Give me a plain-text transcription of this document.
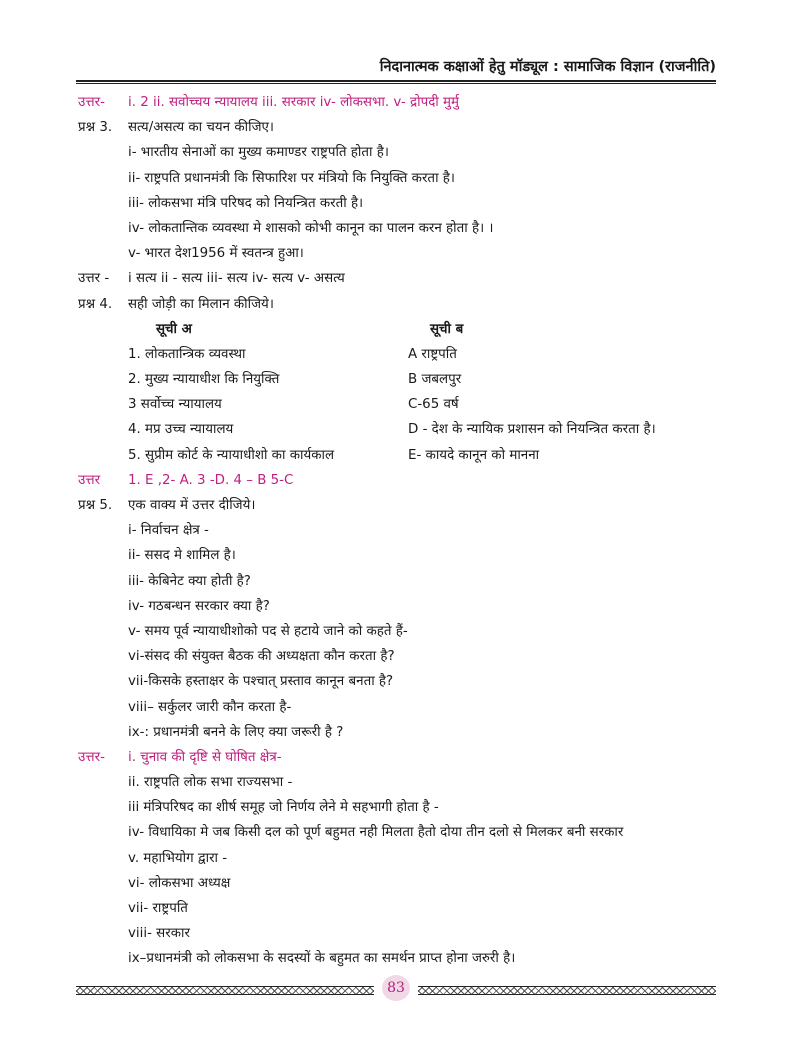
निदानात्मक कक्षाओं हेतु मॉड्यूल : सामाजिक विज्ञान (राजनीति)
उत्तर- i. 2 ii. सवोच्चय न्यायालय iii. सरकार iv- लोकसभा. v- द्रोपदी मुर्मु
प्रश्न 3. सत्य/असत्य का चयन कीजिए।
i- भारतीय सेनाओं का मुख्य कमाण्डर राष्ट्रपति होता है।
ii- राष्ट्रपति प्रधानमंत्री कि सिफारिश पर मंत्रियो कि नियुक्ति करता है।
iii- लोकसभा मंत्रि परिषद को नियन्त्रित करती है।
iv- लोकतान्तिक व्यवस्था मे शासको कोभी कानून का पालन करन होता है। ।
v- भारत देश1956 में स्वतन्त्र हुआ।
उत्तर - i सत्य ii - सत्य iii- सत्य iv- सत्य v- असत्य
प्रश्न 4. सही जोड़ी का मिलान कीजिये।
सूची अ	सूची ब
1. लोकतान्त्रिक व्यवस्था	A राष्ट्रपति
2. मुख्य न्यायाधीश कि नियुक्ति	B जबलपुर
3 सर्वोच्च न्यायालय	C-65 वर्ष
4. मप्र उच्च न्यायालय	D - देश के न्यायिक प्रशासन को नियन्त्रित करता है।
5. सुप्रीम कोर्ट के न्यायाधीशो का कार्यकाल	E- कायदे कानून को मानना
उत्तर 1. E ,2- A. 3 -D. 4 – B 5-C
प्रश्न 5. एक वाक्य में उत्तर दीजिये।
i- निर्वाचन क्षेत्र -
ii- ससद मे शामिल है।
iii- केबिनेट क्या होती है?
iv- गठबन्धन सरकार क्या है?
v- समय पूर्व न्यायाधीशोको पद से हटाये जाने को कहते हैं-
vi-संसद की संयुक्त बैठक की अध्यक्षता कौन करता है?
vii-किसके हस्ताक्षर के पश्चात् प्रस्ताव कानून बनता है?
viii– सर्कुलर जारी कौन करता है-
ix-: प्रधानमंत्री बनने के लिए क्या जरूरी है ?
उत्तर- i. चुनाव की दृष्टि से घोषित क्षेत्र-
ii. राष्ट्रपति लोक सभा राज्यसभा -
iii मंत्रिपरिषद का शीर्ष समूह जो निर्णय लेने मे सहभागी होता है -
iv- विधायिका मे जब किसी दल को पूर्ण बहुमत नही मिलता हैतो दोया तीन दलो से मिलकर बनी सरकार
v. महाभियोग द्वारा -
vi- लोकसभा अध्यक्ष
vii- राष्ट्रपति
viii- सरकार
ix–प्रधानमंत्री को लोकसभा के सदस्यों के बहुमत का समर्थन प्राप्त होना जरुरी है।
83
